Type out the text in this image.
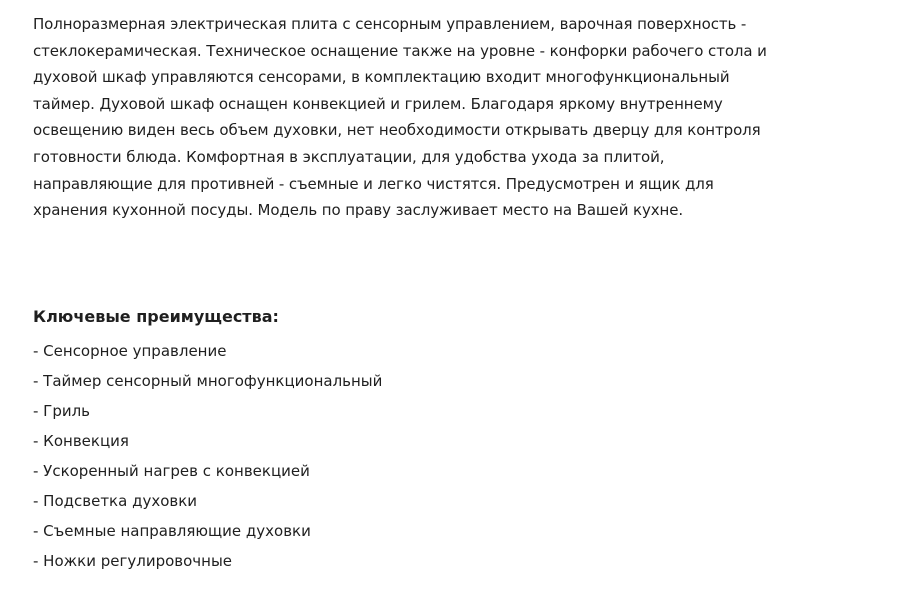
Полноразмерная электрическая плита с сенсорным управлением, варочная поверхность -
стеклокерамическая. Техническое оснащение также на уровне - конфорки рабочего стола и
духовой шкаф управляются сенсорами, в комплектацию входит многофункциональный
таймер. Духовой шкаф оснащен конвекцией и грилем. Благодаря яркому внутреннему
освещению виден весь объем духовки, нет необходимости открывать дверцу для контроля
готовности блюда. Комфортная в эксплуатации, для удобства ухода за плитой,
направляющие для противней - съемные и легко чистятся. Предусмотрен и ящик для
хранения кухонной посуды. Модель по праву заслуживает место на Вашей кухне.

Ключевые преимущества:
- Сенсорное управление
- Таймер сенсорный многофункциональный
- Гриль
- Конвекция
- Ускоренный нагрев с конвекцией
- Подсветка духовки
- Съемные направляющие духовки
- Ножки регулировочные
